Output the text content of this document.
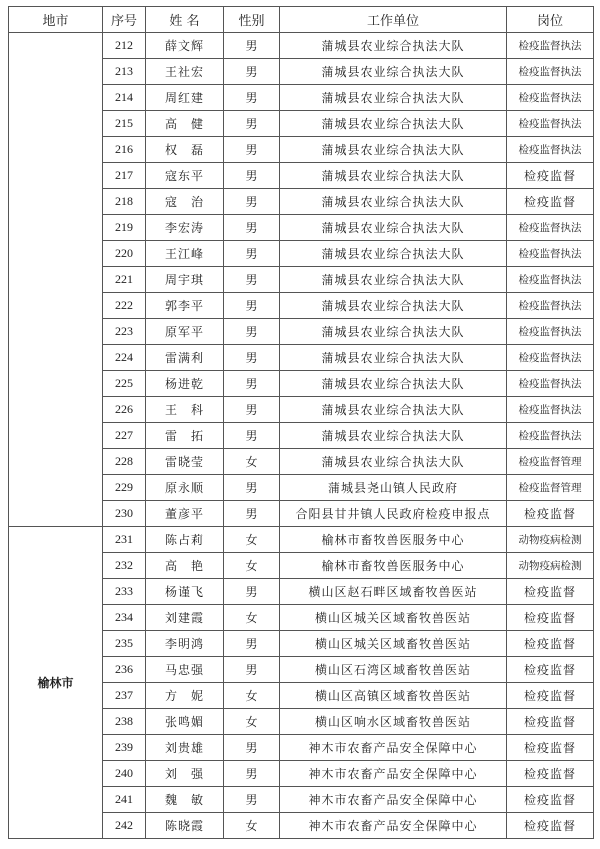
地市	序号	姓 名	性别	工作单位	岗位
	212	薛文辉	男	蒲城县农业综合执法大队	检疫监督执法
	213	王社宏	男	蒲城县农业综合执法大队	检疫监督执法
	214	周红建	男	蒲城县农业综合执法大队	检疫监督执法
	215	高　健	男	蒲城县农业综合执法大队	检疫监督执法
	216	权　磊	男	蒲城县农业综合执法大队	检疫监督执法
	217	寇东平	男	蒲城县农业综合执法大队	检疫监督
	218	寇　治	男	蒲城县农业综合执法大队	检疫监督
	219	李宏涛	男	蒲城县农业综合执法大队	检疫监督执法
	220	王江峰	男	蒲城县农业综合执法大队	检疫监督执法
	221	周宇琪	男	蒲城县农业综合执法大队	检疫监督执法
	222	郭李平	男	蒲城县农业综合执法大队	检疫监督执法
	223	原军平	男	蒲城县农业综合执法大队	检疫监督执法
	224	雷满利	男	蒲城县农业综合执法大队	检疫监督执法
	225	杨进乾	男	蒲城县农业综合执法大队	检疫监督执法
	226	王　科	男	蒲城县农业综合执法大队	检疫监督执法
	227	雷　拓	男	蒲城县农业综合执法大队	检疫监督执法
	228	雷晓莹	女	蒲城县农业综合执法大队	检疫监督管理
	229	原永顺	男	蒲城县尧山镇人民政府	检疫监督管理
	230	董彦平	男	合阳县甘井镇人民政府检疫申报点	检疫监督
榆林市	231	陈占莉	女	榆林市畜牧兽医服务中心	动物疫病检测
	232	高　艳	女	榆林市畜牧兽医服务中心	动物疫病检测
	233	杨谨飞	男	横山区赵石畔区域畜牧兽医站	检疫监督
	234	刘建霞	女	横山区城关区域畜牧兽医站	检疫监督
	235	李明鸿	男	横山区城关区域畜牧兽医站	检疫监督
	236	马忠强	男	横山区石湾区域畜牧兽医站	检疫监督
	237	方　妮	女	横山区高镇区域畜牧兽医站	检疫监督
	238	张鸣媚	女	横山区响水区域畜牧兽医站	检疫监督
	239	刘贵雄	男	神木市农畜产品安全保障中心	检疫监督
	240	刘　强	男	神木市农畜产品安全保障中心	检疫监督
	241	魏　敏	男	神木市农畜产品安全保障中心	检疫监督
	242	陈晓霞	女	神木市农畜产品安全保障中心	检疫监督
